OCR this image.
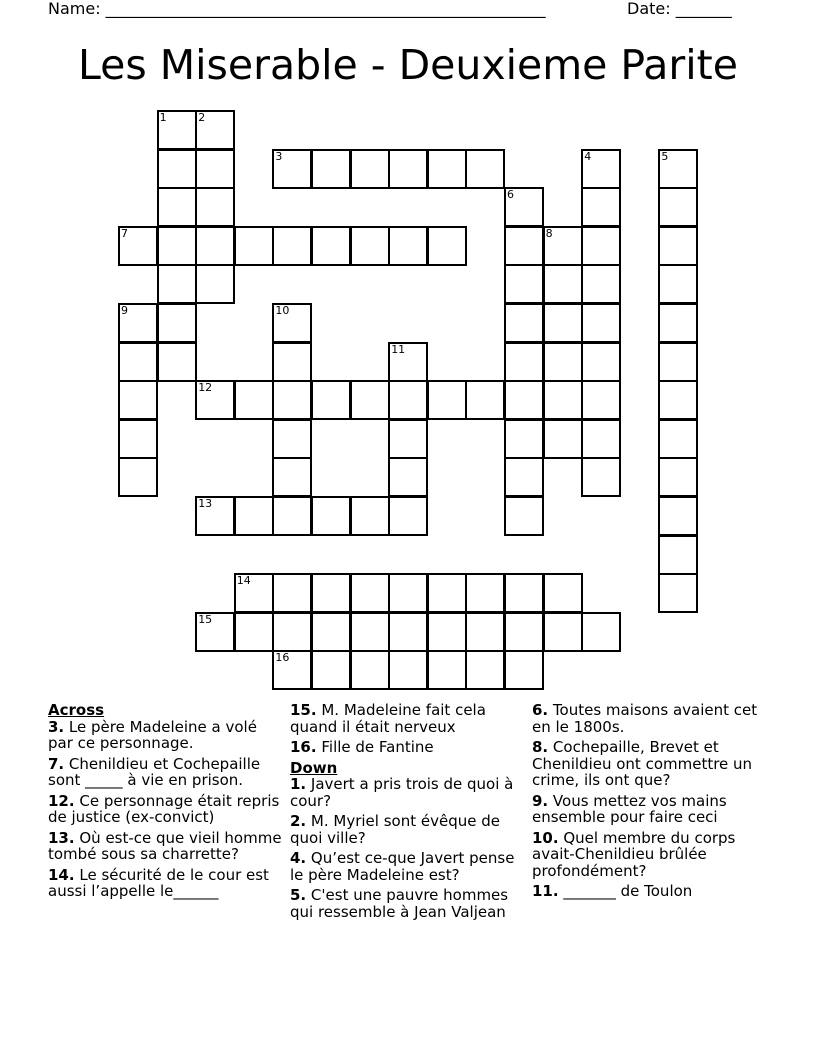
Name: _______________________________________________________	Date: _______
Les Miserable - Deuxieme Parite
1	2
3	4	5
6
7	8
9	10
11
12
13
14
15
16
Across
3. Le père Madeleine a volé par ce personnage.
7. Chenildieu et Cochepaille sont _____ à vie en prison.
12. Ce personnage était repris de justice (ex-convict)
13. Où est-ce que vieil homme tombé sous sa charrette?
14. Le sécurité de le cour est aussi l’appelle le______
15. M. Madeleine fait cela quand il était nerveux
16. Fille de Fantine
Down
1. Javert a pris trois de quoi à cour?
2. M. Myriel sont évêque de quoi ville?
4. Qu’est ce-que Javert pense le père Madeleine est?
5. C'est une pauvre hommes qui ressemble à Jean Valjean
6. Toutes maisons avaient cet en le 1800s.
8. Cochepaille, Brevet et Chenildieu ont commettre un crime, ils ont que?
9. Vous mettez vos mains ensemble pour faire ceci
10. Quel membre du corps avait-Chenildieu brûlée profondément?
11. _______ de Toulon
